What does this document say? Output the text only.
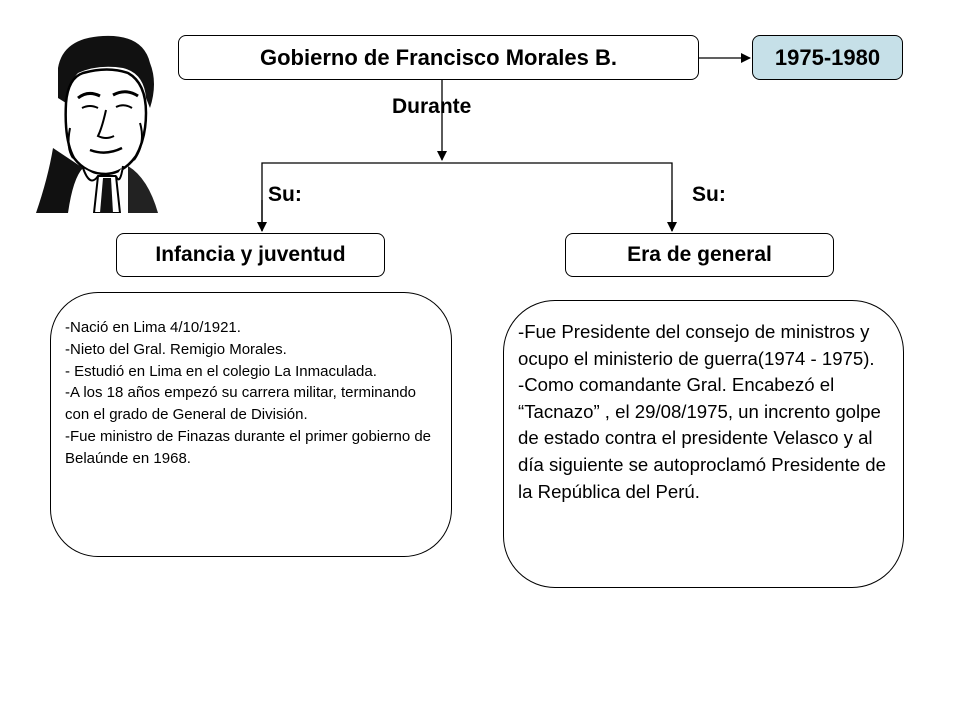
Gobierno de Francisco Morales B.	1975-1980
Durante
Su:	Su:
Infancia y juventud	Era de general
-Nació en Lima 4/10/1921.
-Nieto del Gral. Remigio Morales.
- Estudió en Lima en el colegio La Inmaculada.
-A los 18 años empezó su carrera militar, terminando con el grado de General de División.
-Fue ministro de Finazas durante el primer gobierno de Belaúnde en 1968.
-Fue Presidente del consejo de ministros y ocupo el ministerio de guerra(1974 - 1975).
-Como comandante Gral. Encabezó el “Tacnazo” , el 29/08/1975, un incrento golpe de estado contra el presidente Velasco y al día siguiente se autoproclamó Presidente de la República del Perú.
